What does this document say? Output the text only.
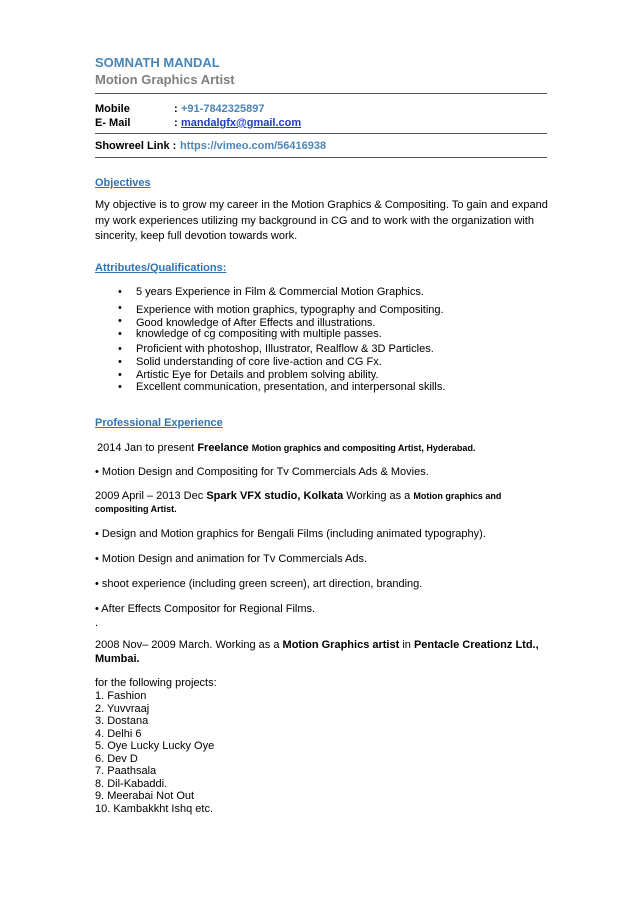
SOMNATH MANDAL
Motion Graphics Artist
Mobile	: +91-7842325897
E- Mail	: mandalgfx@gmail.com
Showreel Link : https://vimeo.com/56416938
Objectives
My objective is to grow my career in the Motion Graphics & Compositing. To gain and expand my work experiences utilizing my background in CG and to work with the organization with sincerity, keep full devotion towards work.
Attributes/Qualifications:
• 5 years Experience in Film & Commercial Motion Graphics.
• Experience with motion graphics, typography and Compositing.
• Good knowledge of After Effects and illustrations.
• knowledge of cg compositing with multiple passes.
• Proficient with photoshop, Illustrator, Realflow & 3D Particles.
• Solid understanding of core live-action and CG Fx.
• Artistic Eye for Details and problem solving ability.
• Excellent communication, presentation, and interpersonal skills.
Professional Experience
2014 Jan to present Freelance Motion graphics and compositing Artist, Hyderabad.
• Motion Design and Compositing for Tv Commercials Ads & Movies.
2009 April – 2013 Dec Spark VFX studio, Kolkata Working as a Motion graphics and
compositing Artist.
• Design and Motion graphics for Bengali Films (including animated typography).
• Motion Design and animation for Tv Commercials Ads.
• shoot experience (including green screen), art direction, branding.
• After Effects Compositor for Regional Films.
.
2008 Nov– 2009 March. Working as a Motion Graphics artist in Pentacle Creationz Ltd.,
Mumbai.
for the following projects:
1. Fashion
2. Yuvvraaj
3. Dostana
4. Delhi 6
5. Oye Lucky Lucky Oye
6. Dev D
7. Paathsala
8. Dil-Kabaddi.
9. Meerabai Not Out
10. Kambakkht Ishq etc.
